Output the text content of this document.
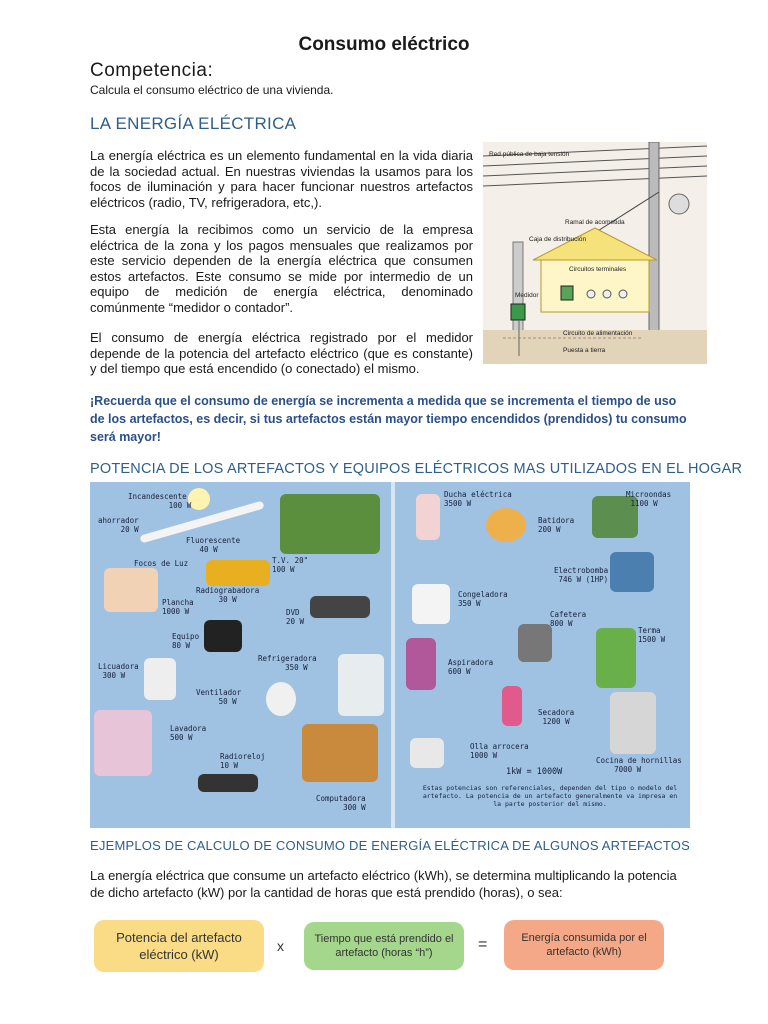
Consumo eléctrico
Competencia:
Calcula el consumo eléctrico de una vivienda.
LA ENERGÍA ELÉCTRICA
La energía eléctrica es un elemento fundamental en la vida diaria de la sociedad actual. En nuestras viviendas la usamos para los focos de iluminación y para hacer funcionar nuestros artefactos eléctricos (radio, TV, refrigeradora, etc,).
Esta energía la recibimos como un servicio de la empresa eléctrica de la zona y los pagos mensuales que realizamos por este servicio dependen de la energía eléctrica que consumen estos artefactos. Este consumo se mide por intermedio de un equipo de medición de energía eléctrica, denominado comúnmente “medidor o contador”.
El consumo de energía eléctrica registrado por el medidor depende de la potencia del artefacto eléctrico (que es constante) y del tiempo que está encendido (o conectado) el mismo.
Red pública de baja tensión
Ramal de acometida
Caja de distribución
Circuitos terminales
Medidor
Circuito de alimentación
Puesta a tierra
¡Recuerda que el consumo de energía se incrementa a medida que se incrementa el tiempo de uso de los artefactos, es decir, si tus artefactos están mayor tiempo encendidos (prendidos) tu consumo será mayor!
POTENCIA DE LOS ARTEFACTOS Y EQUIPOS ELÉCTRICOS MAS UTILIZADOS EN EL HOGAR
Incandescente
100 W
ahorrador
20 W
Fluorescente
40 W
Focos de Luz	T.V. 20"
100 W
Radiograbadora
30 W
Plancha
1000 W	DVD
20 W
Equipo
80 W
Refrigeradora
350 W
Licuadora
300 W
Ventilador
50 W
Lavadora
500 W
Radioreloj
10 W
Computadora
300 W
Ducha eléctrica
3500 W
Microondas
1100 W
Batidora
200 W
Electrobomba
746 W (1HP)
Congeladora
350 W
Cafetera
800 W
Terma
1500 W
Aspiradora
600 W
Secadora
1200 W
Olla arrocera
1000 W
Cocina de hornillas
7000 W
1kW = 1000W
Estas potencias son referenciales, dependen del tipo o modelo del artefacto. La potencia de un artefacto generalmente va impresa en la parte posterior del mismo.
EJEMPLOS DE CALCULO DE CONSUMO DE ENERGÍA ELÉCTRICA DE ALGUNOS ARTEFACTOS
La energía eléctrica que consume un artefacto eléctrico (kWh), se determina multiplicando la potencia de dicho artefacto (kW) por la cantidad de horas que está prendido (horas), o sea:
Potencia del artefacto eléctrico (kW)
x	Tiempo que está prendido el artefacto (horas “h”)	=	Energía consumida por el artefacto (kWh)
